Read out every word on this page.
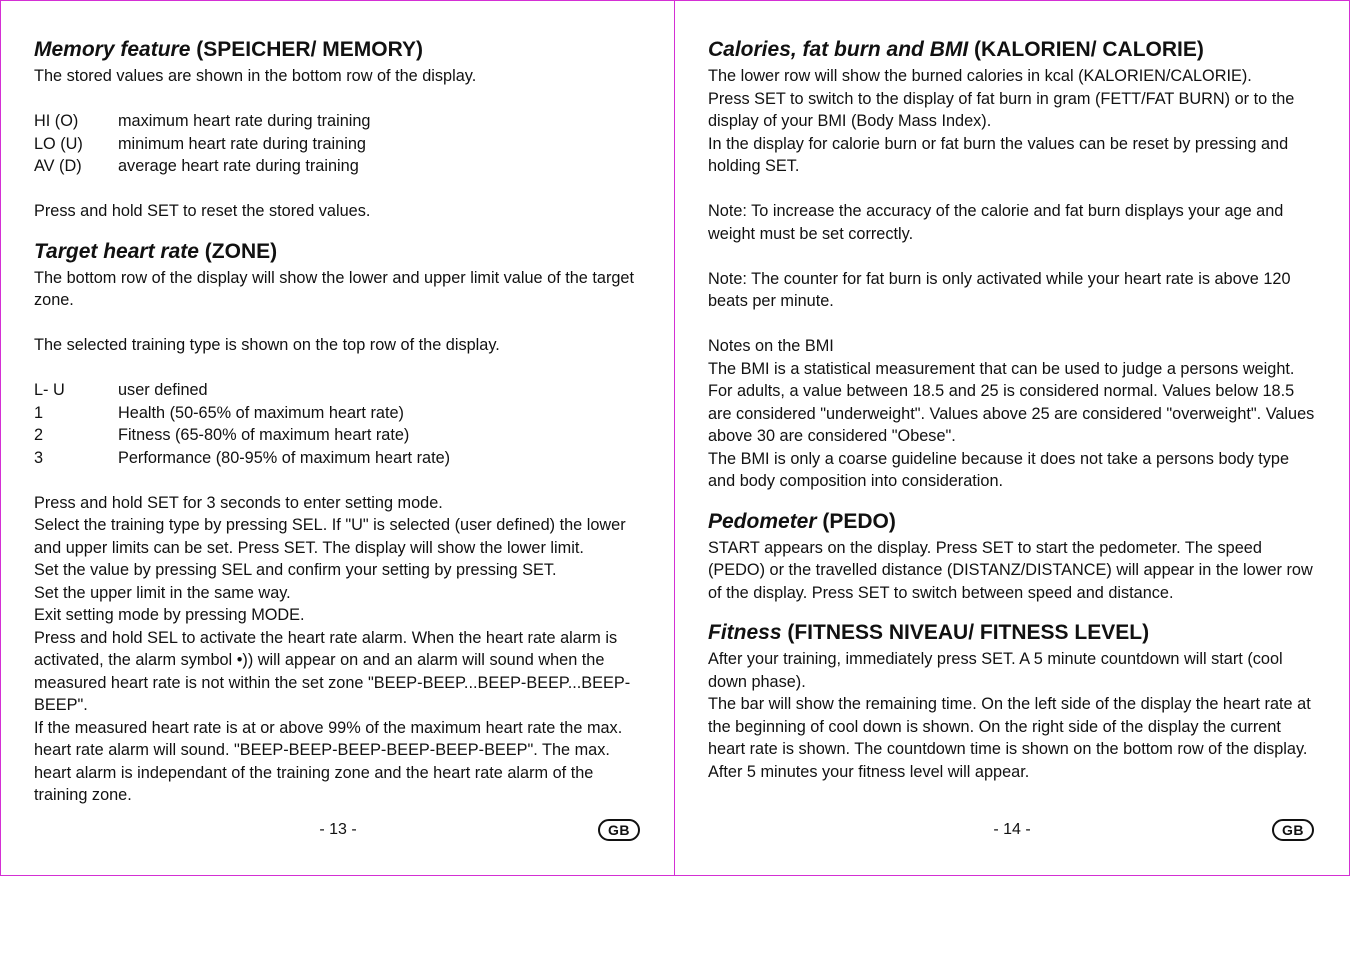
Memory feature (SPEICHER/ MEMORY)

The stored values are shown in the bottom row of the display.

HI (O)	maximum heart rate during training
LO (U)	minimum heart rate during training
AV (D)	average heart rate during training

Press and hold SET to reset the stored values.

Target heart rate (ZONE)

The bottom row of the display will show the lower and upper limit value of the target zone.

The selected training type is shown on the top row of the display.

L- U	user defined
1	Health (50-65% of maximum heart rate)
2	Fitness (65-80% of maximum heart rate)
3	Performance (80-95% of maximum heart rate)

Press and hold SET for 3 seconds to enter setting mode.

Select the training type by pressing SEL. If "U" is selected (user defined) the lower and upper limits can be set. Press SET. The display will show the lower limit.

Set the value by pressing SEL and confirm your setting by pressing SET.

Set the upper limit in the same way.

Exit setting mode by pressing MODE.

Press and hold SEL to activate the heart rate alarm. When the heart rate alarm is activated, the alarm symbol •)) will appear on and an alarm will sound when the measured heart rate is not within the set zone "BEEP-BEEP...BEEP-BEEP...BEEP-BEEP".

If the measured heart rate is at or above 99% of the maximum heart rate the max. heart rate alarm will sound. "BEEP-BEEP-BEEP-BEEP-BEEP-BEEP". The max. heart alarm is independant of the training zone and the heart rate alarm of the training zone.

- 13 -	GB
Calories, fat burn and BMI (KALORIEN/ CALORIE)

The lower row will show the burned calories in kcal (KALORIEN/CALORIE).

Press SET to switch to the display of fat burn in gram (FETT/FAT BURN) or to the display of your BMI (Body Mass Index).

In the display for calorie burn or fat burn the values can be reset by pressing and holding SET.

Note: To increase the accuracy of the calorie and fat burn displays your age and weight must be set correctly.

Note: The counter for fat burn is only activated while your heart rate is above 120 beats per minute.

Notes on the BMI

The BMI is a statistical measurement that can be used to judge a persons weight. For adults, a value between 18.5 and 25 is considered normal. Values below 18.5 are considered "underweight". Values above 25 are considered "overweight". Values above 30 are considered "Obese".

The BMI is only a coarse guideline because it does not take a persons body type and body composition into consideration.

Pedometer (PEDO)

START appears on the display. Press SET to start the pedometer. The speed (PEDO) or the travelled distance (DISTANZ/DISTANCE) will appear in the lower row of the display. Press SET to switch between speed and distance.

Fitness (FITNESS NIVEAU/ FITNESS LEVEL)

After your training, immediately press SET. A 5 minute countdown will start (cool down phase).

The bar will show the remaining time. On the left side of the display the heart rate at the beginning of cool down is shown. On the right side of the display the current heart rate is shown. The countdown time is shown on the bottom row of the display.

After 5 minutes your fitness level will appear.

- 14 -	GB
